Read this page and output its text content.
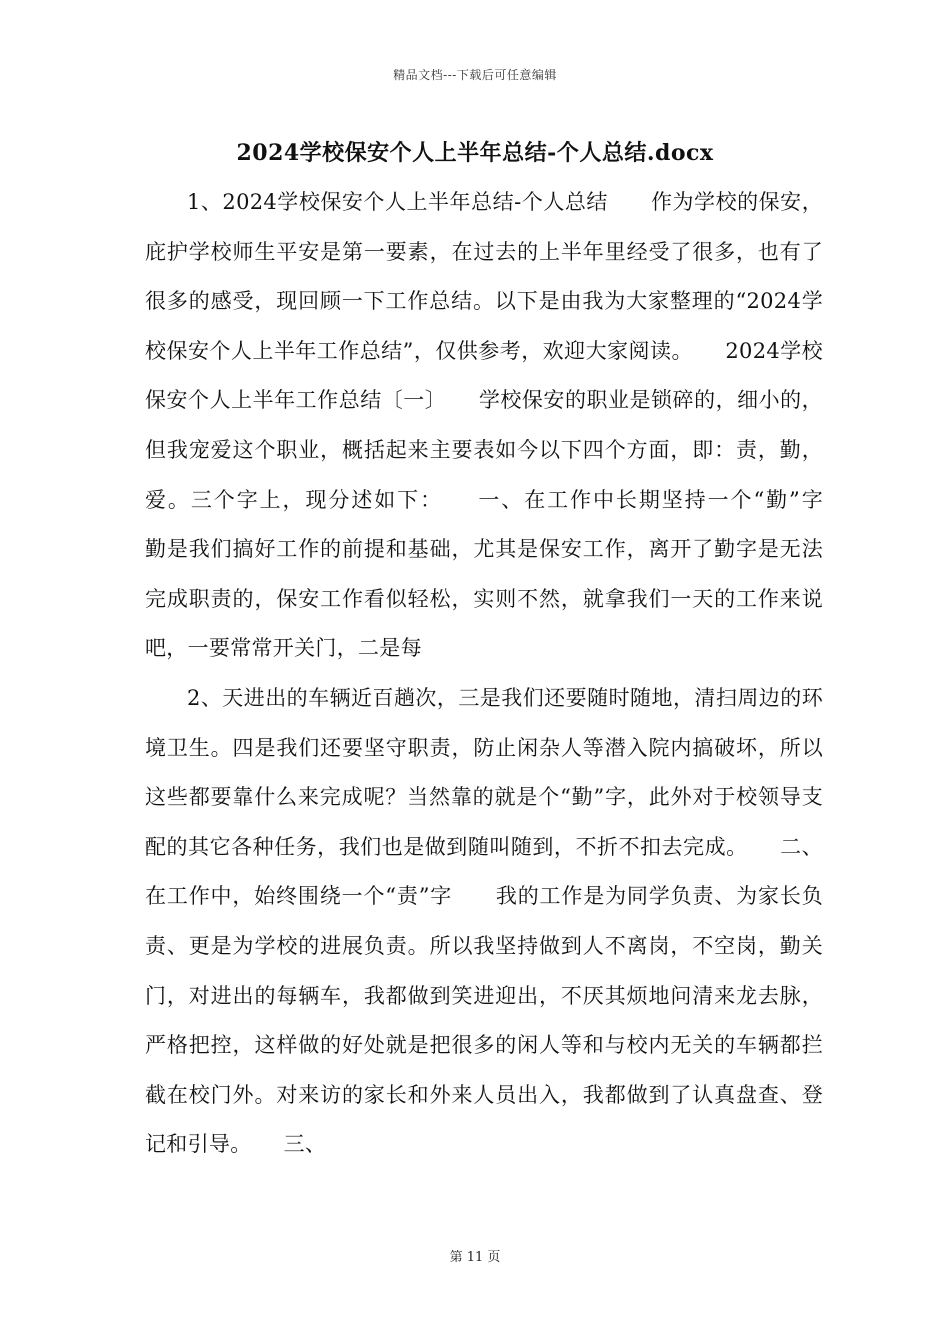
精品文档---下载后可任意编辑
2024学校保安个人上半年总结-个人总结.docx

1、2024学校保安个人上半年总结-个人总结　　作为学校的保安，庇护学校师生平安是第一要素，在过去的上半年里经受了很多，也有了很多的感受，现回顾一下工作总结。以下是由我为大家整理的“2024学校保安个人上半年工作总结”，仅供参考，欢迎大家阅读。　　2024学校保安个人上半年工作总结〔一〕　　学校保安的职业是锁碎的，细小的，但我宠爱这个职业，概括起来主要表如今以下四个方面，即：责，勤，爱。三个字上，现分述如下：　　一、在工作中长期坚持一个“勤”字　　勤是我们搞好工作的前提和基础，尤其是保安工作，离开了勤字是无法完成职责的，保安工作看似轻松，实则不然，就拿我们一天的工作来说吧，一要常常开关门，二是每

2、天进出的车辆近百趟次，三是我们还要随时随地，清扫周边的环境卫生。四是我们还要坚守职责，防止闲杂人等潜入院内搞破坏，所以这些都要靠什么来完成呢？当然靠的就是个“勤”字，此外对于校领导支配的其它各种任务，我们也是做到随叫随到，不折不扣去完成。　　二、在工作中，始终围绕一个“责”字　　我的工作是为同学负责、为家长负责、更是为学校的进展负责。所以我坚持做到人不离岗，不空岗，勤关门，对进出的每辆车，我都做到笑进迎出，不厌其烦地问清来龙去脉，严格把控，这样做的好处就是把很多的闲人等和与校内无关的车辆都拦截在校门外。对来访的家长和外来人员出入，我都做到了认真盘查、登记和引导。　　三、

第 11 页
